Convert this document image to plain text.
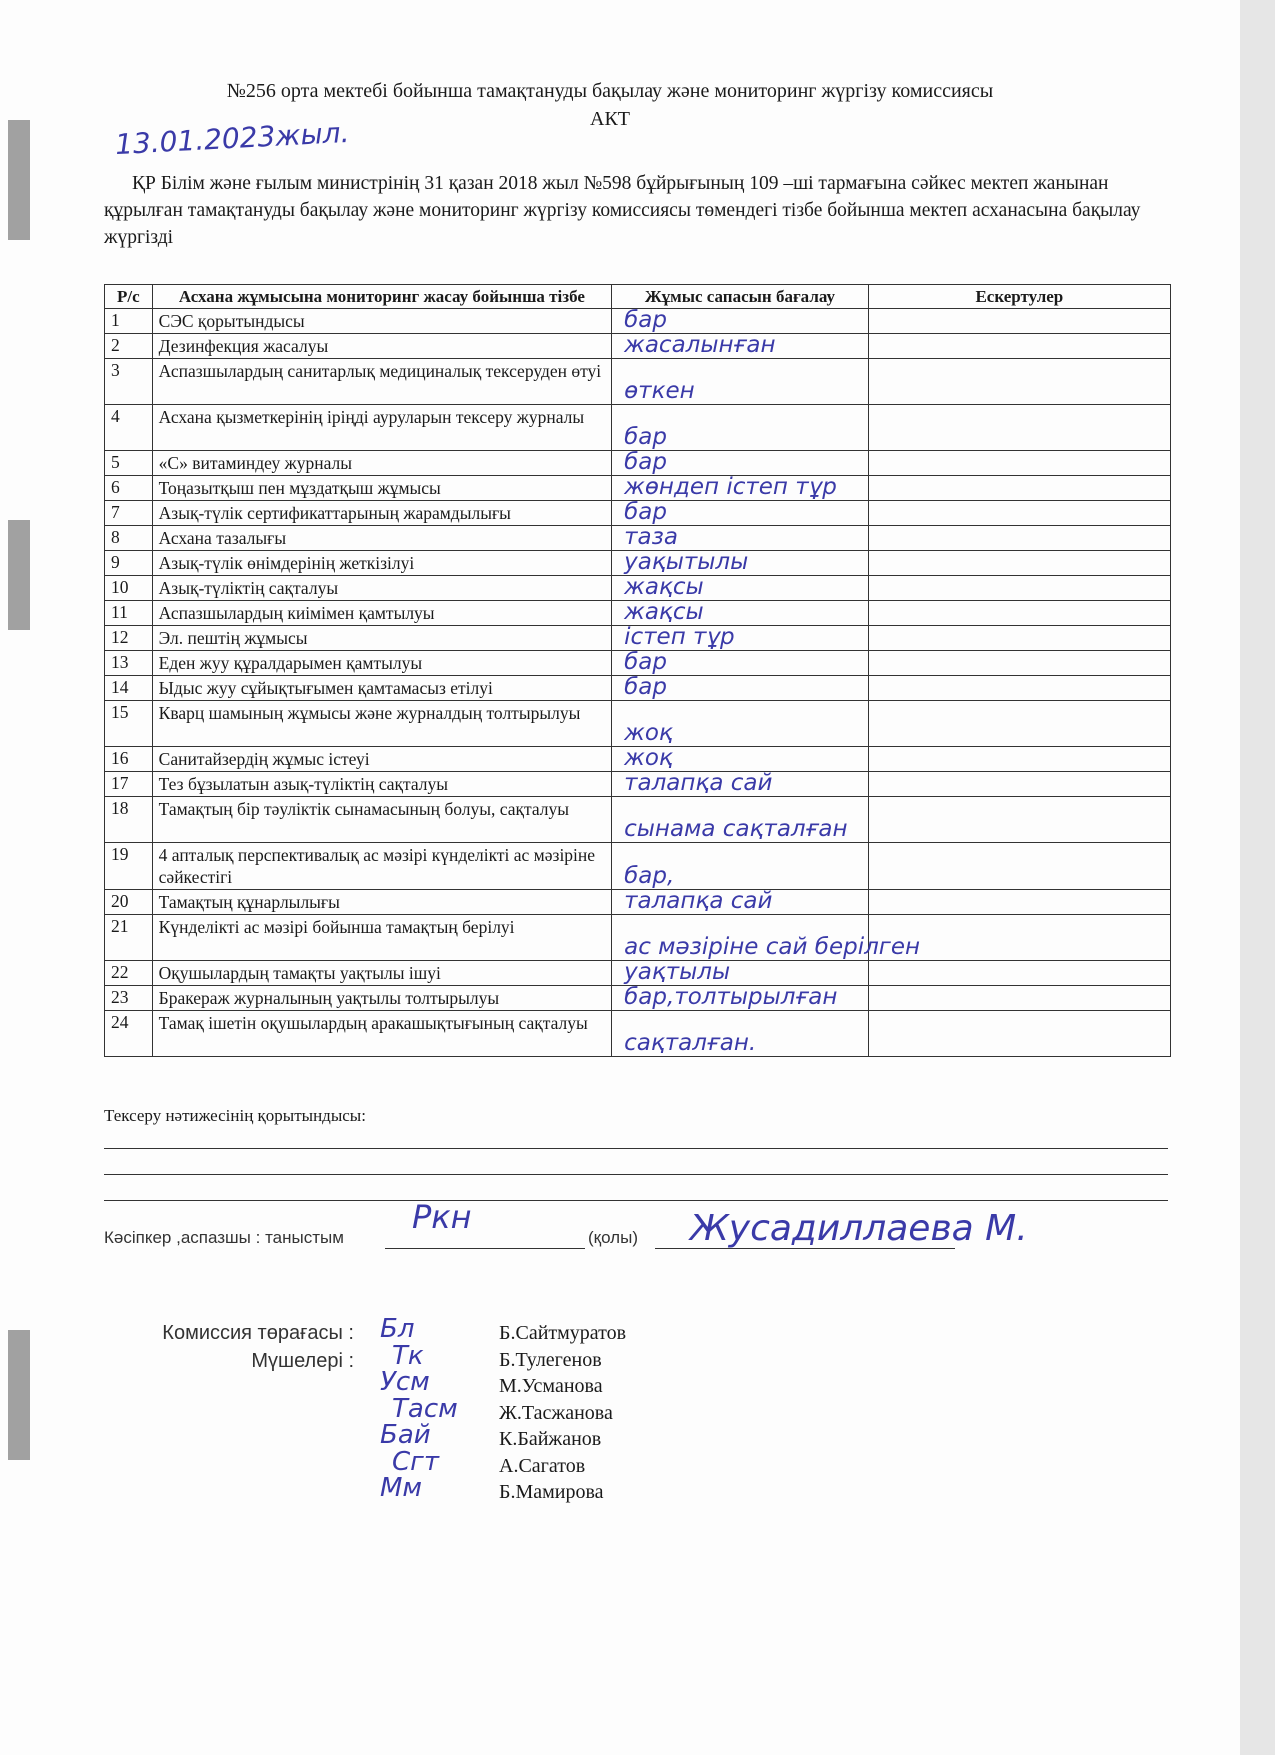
№256 орта мектебі бойынша тамақтануды бақылау және мониторинг жүргізу комиссиясы
АКТ
13.01.2023жыл.
ҚР Білім және ғылым министрінің 31 қазан 2018 жыл №598 бұйрығының 109 –шi тармағына сәйкес мектеп жанынан құрылған тамақтануды бақылау және мониторинг жүргізу комиссиясы төмендегі тізбе бойынша мектеп асханасына бақылау жүргізді
Р/с	Асхана жұмысына мониторинг жасау бойынша тізбе	Жұмыс сапасын бағалау	Ескертулер
1	СЭС қорытындысы	бар	

2	Дезинфекция жасалуы	жасалынған	

3	Аспазшылардың санитарлық медициналық тексеруден өтуі	өткен	

4	Асхана қызметкерінің іріңді ауруларын тексеру журналы	бар	

5	«С» витаминдеу журналы	бар	

6	Тоңазытқыш пен мұздатқыш жұмысы	жөндеп істеп тұр	

7	Азық-түлік сертификаттарының жарамдылығы	бар	

8	Асхана тазалығы	таза	

9	Азық-түлік өнімдерінің жеткізілуі	уақытылы	

10	Азық-түліктің сақталуы	жақсы	

11	Аспазшылардың киімімен қамтылуы	жақсы	

12	Эл. пештің жұмысы	істеп тұр	

13	Еден жуу құралдарымен қамтылуы	бар	

14	Ыдыс жуу сұйықтығымен қамтамасыз етілуі	бар	

15	Кварц шамының жұмысы және журналдың толтырылуы	жоқ	

16	Санитайзердің жұмыс істеуі	жоқ	

17	Тез бұзылатын азық-түліктің сақталуы	талапқа сай	

18	Тамақтың бір тәуліктік сынамасының болуы, сақталуы	сынама сақталған	

19	4 апталық перспективалық ас мәзірі күнделікті ас мәзіріне сәйкестігі	бар,	

20	Тамақтың құнарлылығы	талапқа сай	

21	Күнделікті ас мәзірі бойынша тамақтың берілуі	ас мәзіріне сай берілген	

22	Оқушылардың тамақты уақтылы ішуі	уақтылы	

23	Бракераж журналының уақтылы толтырылуы	бар,толтырылған	

24	Тамақ ішетін оқушылардың аракашықтығының сақталуы	сақталған.	

Тексеру нәтижесінің қорытындысы:
Кәсіпкер ,аспазшы : таныстым	(қолы)
Ркн	Жусадиллаева М.
Комиссия төрағасы :
Мүшелері :
Б.Сайтмуратов
Бл
Б.Тулегенов
Тк
М.Усманова
Усм
Ж.Тасжанова
Тасм
К.Байжанов
Бай
А.Сагатов
Сгт
Б.Мамирова
Мм
